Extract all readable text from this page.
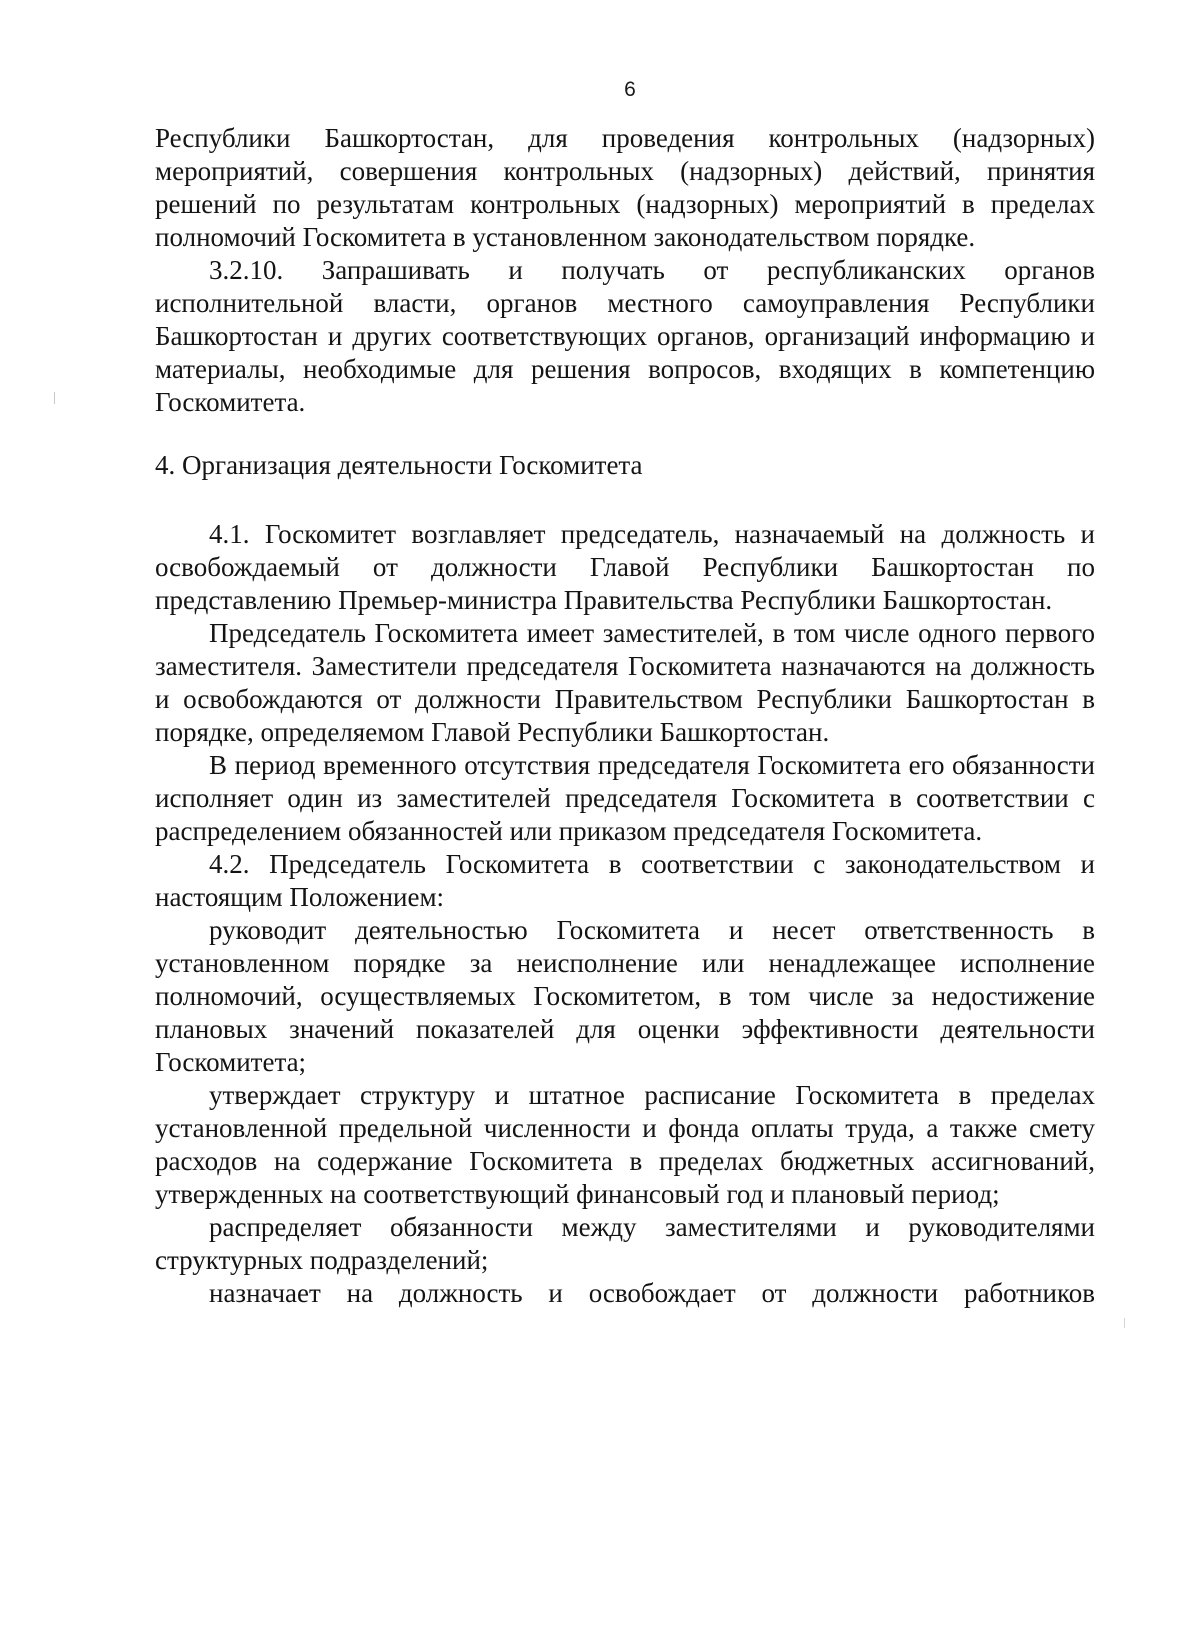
6

Республики Башкортостан, для проведения контрольных (надзорных) мероприятий, совершения контрольных (надзорных) действий, принятия решений по результатам контрольных (надзорных) мероприятий в пределах полномочий Госкомитета в установленном законодательством порядке.

3.2.10. Запрашивать и получать от республиканских органов исполнительной власти, органов местного самоуправления Республики Башкортостан и других соответствующих органов, организаций информацию и материалы, необходимые для решения вопросов, входящих в компетенцию Госкомитета.

4. Организация деятельности Госкомитета

4.1. Госкомитет возглавляет председатель, назначаемый на должность и освобождаемый от должности Главой Республики Башкортостан по представлению Премьер-министра Правительства Республики Башкортостан.

Председатель Госкомитета имеет заместителей, в том числе одного первого заместителя. Заместители председателя Госкомитета назначаются на должность и освобождаются от должности Правительством Республики Башкортостан в порядке, определяемом Главой Республики Башкортостан.

В период временного отсутствия председателя Госкомитета его обязанности исполняет один из заместителей председателя Госкомитета в соответствии с распределением обязанностей или приказом председателя Госкомитета.

4.2. Председатель Госкомитета в соответствии с законодательством и настоящим Положением:

руководит деятельностью Госкомитета и несет ответственность в установленном порядке за неисполнение или ненадлежащее исполнение полномочий, осуществляемых Госкомитетом, в том числе за недостижение плановых значений показателей для оценки эффективности деятельности Госкомитета;

утверждает структуру и штатное расписание Госкомитета в пределах установленной предельной численности и фонда оплаты труда, а также смету расходов на содержание Госкомитета в пределах бюджетных ассигнований, утвержденных на соответствующий финансовый год и плановый период;

распределяет обязанности между заместителями и руководителями структурных подразделений;

назначает на должность и освобождает от должности работников
